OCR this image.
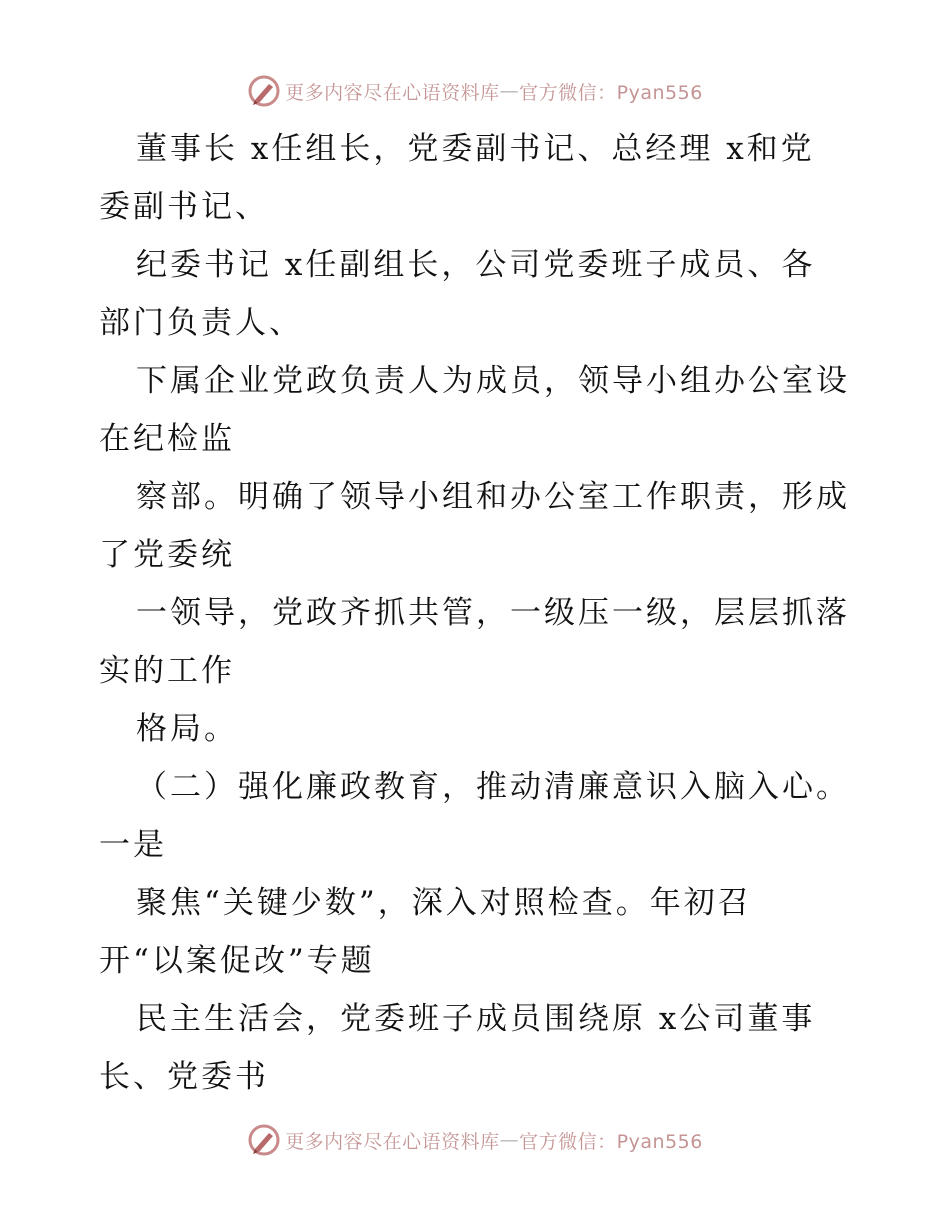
更多内容尽在心语资料库 — 官方微信：Pyan556
董事长 x任组长，党委副书记、总经理 x和党
委副书记、
纪委书记 x任副组长，公司党委班子成员、各
部门负责人、
下属企业党政负责人为成员，领导小组办公室设
在纪检监
察部。明确了领导小组和办公室工作职责，形成
了党委统
一领导，党政齐抓共管，一级压一级，层层抓落
实的工作
格局。
（二）强化廉政教育，推动清廉意识入脑入心。
一是
聚焦“关键少数”，深入对照检查。年初召
开“以案促改”专题
民主生活会，党委班子成员围绕原 x公司董事
长、党委书
更多内容尽在心语资料库 — 官方微信：Pyan556
